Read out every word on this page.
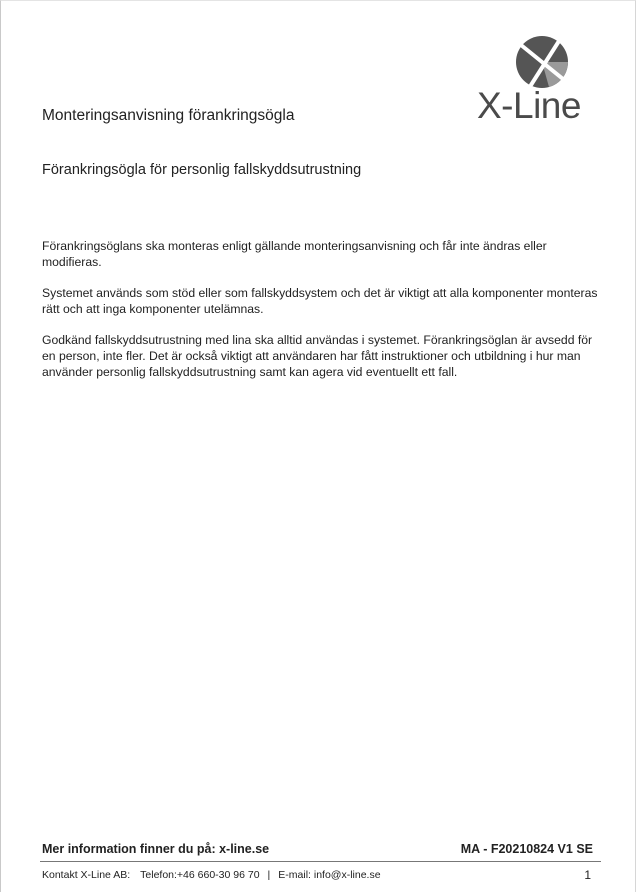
X-Line
Monteringsanvisning förankringsögla
Förankringsögla för personlig fallskyddsutrustning

Förankringsöglans ska monteras enligt gällande monteringsanvisning och får inte ändras eller modifieras.

Systemet används som stöd eller som fallskyddsystem och det är viktigt att alla komponenter monteras rätt och att inga komponenter utelämnas.

Godkänd fallskyddsutrustning med lina ska alltid användas i systemet. Förankringsöglan är avsedd för en person, inte fler. Det är också viktigt att användaren har fått instruktioner och utbildning i hur man använder personlig fallskyddsutrustning samt kan agera vid eventuellt ett fall.

Mer information finner du på: x-line.se	MA - F20210824 V1 SE
Kontakt X-Line AB: Telefon:+46 660-30 96 70 | E-mail: info@x-line.se	1
